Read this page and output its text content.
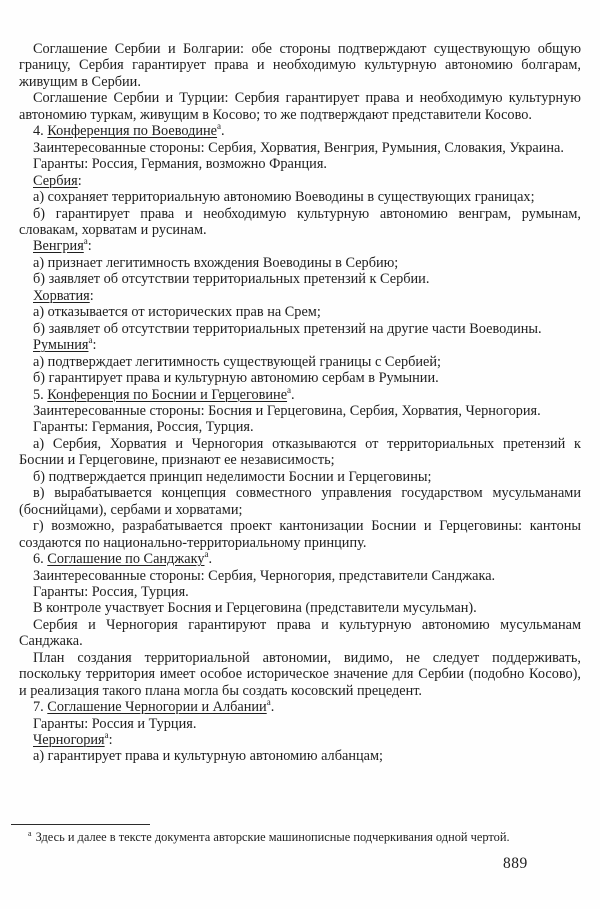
Соглашение Сербии и Болгарии: обе стороны подтверждают существующую общую границу, Сербия гарантирует права и необходимую культурную автономию болгарам, живущим в Сербии.

Соглашение Сербии и Турции: Сербия гарантирует права и необходимую культурную автономию туркам, живущим в Косово; то же подтверждают представители Косово.

4. Конференция по Воеводине$^а$.

Заинтересованные стороны: Сербия, Хорватия, Венгрия, Румыния, Словакия, Украина.

Гаранты: Россия, Германия, возможно Франция.

Сербия:

а) сохраняет территориальную автономию Воеводины в существующих границах;

б) гарантирует права и необходимую культурную автономию венграм, румынам, словакам, хорватам и русинам.

Венгрия$^а$:

а) признает легитимность вхождения Воеводины в Сербию;

б) заявляет об отсутствии территориальных претензий к Сербии.

Хорватия:

а) отказывается от исторических прав на Срем;

б) заявляет об отсутствии территориальных претензий на другие части Воеводины.

Румыния$^а$:

а) подтверждает легитимность существующей границы с Сербией;

б) гарантирует права и культурную автономию сербам в Румынии.

5. Конференция по Боснии и Герцеговине$^а$.

Заинтересованные стороны: Босния и Герцеговина, Сербия, Хорватия, Черногория.

Гаранты: Германия, Россия, Турция.

а) Сербия, Хорватия и Черногория отказываются от территориальных претензий к Боснии и Герцеговине, признают ее независимость;

б) подтверждается принцип неделимости Боснии и Герцеговины;

в) вырабатывается концепция совместного управления государством мусульманами (боснийцами), сербами и хорватами;

г) возможно, разрабатывается проект кантонизации Боснии и Герцеговины: кантоны создаются по национально-территориальному принципу.

6. Соглашение по Санджаку$^а$.

Заинтересованные стороны: Сербия, Черногория, представители Санджака.

Гаранты: Россия, Турция.

В контроле участвует Босния и Герцеговина (представители мусульман).

Сербия и Черногория гарантируют права и культурную автономию мусульманам Санджака.

План создания территориальной автономии, видимо, не следует поддерживать, поскольку территория имеет особое историческое значение для Сербии (подобно Косово), и реализация такого плана могла бы создать косовский прецедент.

7. Соглашение Черногории и Албании$^а$.

Гаранты: Россия и Турция.

Черногория$^а$:

а) гарантирует права и культурную автономию албанцам;

$^а$ Здесь и далее в тексте документа авторские машинописные подчеркивания одной чертой.
889
